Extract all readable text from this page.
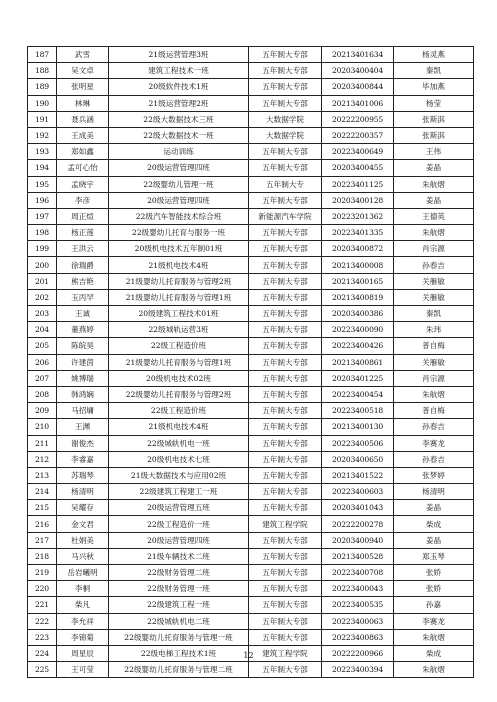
187	武雪	21级运营管理3班	五年制大专部	20213401634	杨灵燕
188	吴文卓	建筑工程技术一班	五年制大专部	20203400404	秦凯
189	张明星	20级软件技术1班	五年制大专部	20203400844	毕加燕
190	林琳	21级运营管理2班	五年制大专部	20213401006	杨莹
191	聂兵涵	22级大数据技术三班	大数据学院	20222200955	张斯淇
192	王成美	22级大数据技术一班	大数据学院	20222200357	张斯淇
193	郑如鑫	运动训练	五年制大专部	20223400649	王伟
194	孟可心怡	20级运营管理四班	五年制大专部	20203400455	姜晶
195	孟晓宇	22级婴幼儿管理一班	五年制大专	20223401125	朱航熠
196	李彦	20级运营管理四班	五年制大专部	20203400128	姜晶
197	周正煊	22级汽车智能技术综合班	新能源汽车学院	20223201362	王德英
198	杨正莲	22级婴幼儿托育与服务一班	五年制大专部	20223401335	朱航熠
199	王洪云	20级机电技术五年制01班	五年制大专部	20203400872	肖宗源
200	徐瑞爵	21级机电技术4班	五年制大专部	20213400008	孙春吉
201	熊吉艳	21级婴幼儿托育服务与管理2班	五年制大专部	20213400165	关雁敏
202	玉丙罕	21级婴幼儿托育服务与管理1班	五年制大专部	20213400819	关雁敏
203	王诚	20级建筑工程技术01班	五年制大专部	20203400386	秦凯
204	董燕婷	22级城轨运营3班	五年制大专部	20223400090	朱玮
205	陈皖昊	22级工程造价班	五年制大专部	20223400426	普自梅
206	许建茵	21级婴幼儿托育服务与管理1班	五年制大专部	20213400861	关雁敏
207	姚博瑞	20级机电技术02班	五年制大专部	20203401225	肖宗源
208	韩鸿娴	22级婴幼儿托育服务与管理2班	五年制大专部	20223400454	朱航熠
209	马招墉	22级工程造价班	五年制大专部	20223400518	普自梅
210	王渊	21级机电技术4班	五年制大专部	20213400130	孙春吉
211	谢俊杰	22级城轨机电一班	五年制大专部	20223400506	李赛龙
212	李睿嘉	20级机电技术七班	五年制大专部	20203400650	孙春吉
213	苏瑞琴	21级大数据技术与应用02班	五年制大专部	20213401522	张梦婷
214	杨清明	22级建筑工程建工一班	五年制大专部	20223400603	杨清明
215	吴耀存	20级运营管理五班	五年制大专部	20203401043	姜晶
216	金文君	22级工程造价一班	建筑工程学院	20222200278	柴成
217	杜娟美	20级运营管理四班	五年制大专部	20203400940	姜晶
218	马兴秋	21级车辆技术二班	五年制大专部	20213400528	郑玉琴
219	岳岩曦明	22级财务管理二班	五年制大专部	20223400708	张娇
220	李桐	22级财务管理一班	五年制大专部	20223400043	张娇
221	柴凡	22级建筑工程一班	五年制大专部	20223400535	孙嘉
222	李允祥	22级城轨机电二班	五年制大专部	20223400063	李赛龙
223	李锦菊	22级婴幼儿托育服务与管理一班	五年制大专部	20223400863	朱航熠
224	周星辰	22级电梯工程技术1班	建筑工程学院	20222200966	柴成
225	王可莹	22级婴幼儿托育服务与管理二班	五年制大专部	20223400394	朱航熠
12
